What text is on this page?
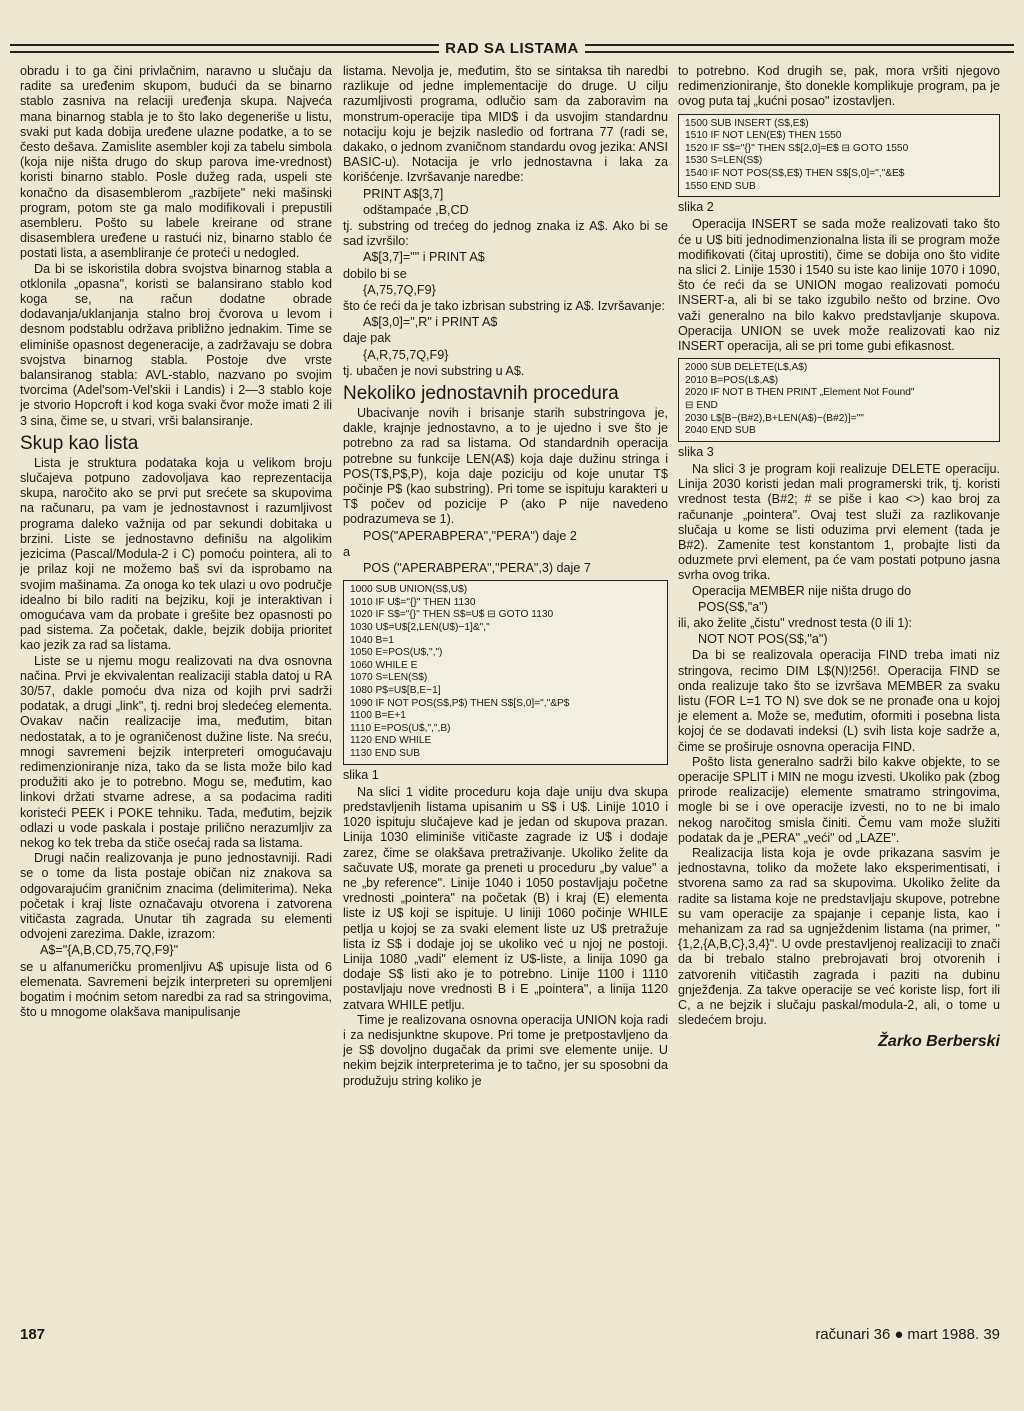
RAD SA LISTAMA

obradu i to ga čini privlačnim, naravno u slučaju da radite sa uređenim skupom, budući da se binarno stablo zasniva na relaciji uređenja skupa. Najveća mana binarnog stabla je to što lako degeneriše u listu, svaki put kada dobija uređene ulazne podatke, a to se često dešava. Zamislite asembler koji za tabelu simbola (koja nije ništa drugo do skup parova ime-vrednost) koristi binarno stablo. Posle dužeg rada, uspeli ste konačno da disasemblerom „razbijete" neki mašinski program, potom ste ga malo modifikovali i prepustili asembleru. Pošto su labele kreirane od strane disasemblera uređene u rastući niz, binarno stablo će postati lista, a asembliranje će proteći u nedogled.

Da bi se iskoristila dobra svojstva binarnog stabla a otklonila „opasna", koristi se balansirano stablo kod koga se, na račun dodatne obrade dodavanja/uklanjanja stalno broj čvorova u levom i desnom podstablu održava približno jednakim. Time se eliminiše opasnost degeneracije, a zadržavaju se dobra svojstva binarnog stabla. Postoje dve vrste balansiranog stabla: AVL-stablo, nazvano po svojim tvorcima (Adel'som-Vel'skii i Landis) i 2—3 stablo koje je stvorio Hopcroft i kod koga svaki čvor može imati 2 ili 3 sina, čime se, u stvari, vrši balansiranje.

Skup kao lista

Lista je struktura podataka koja u velikom broju slučajeva potpuno zadovoljava kao reprezentacija skupa, naročito ako se prvi put srećete sa skupovima na računaru, pa vam je jednostavnost i razumljivost programa daleko važnija od par sekundi dobitaka u brzini. Liste se jednostavno definišu na algolikim jezicima (Pascal/Modula-2 i C) pomoću pointera, ali to je prilaz koji ne možemo baš svi da isprobamo na svojim mašinama. Za onoga ko tek ulazi u ovo područje idealno bi bilo raditi na bejziku, koji je interaktivan i omogućava vam da probate i grešite bez opasnosti po pad sistema. Za početak, dakle, bejzik dobija prioritet kao jezik za rad sa listama.

Liste se u njemu mogu realizovati na dva osnovna načina. Prvi je ekvivalentan realizaciji stabla datoj u RA 30/57, dakle pomoću dva niza od kojih prvi sadrži podatak, a drugi „link", tj. redni broj sledećeg elementa. Ovakav način realizacije ima, međutim, bitan nedostatak, a to je ograničenost dužine liste. Na sreću, mnogi savremeni bejzik interpreteri omogućavaju redimenzioniranje niza, tako da se lista može bilo kad produžiti ako je to potrebno. Mogu se, međutim, kao linkovi držati stvarne adrese, a sa podacima raditi koristeći PEEK i POKE tehniku. Tada, međutim, bejzik odlazi u vode paskala i postaje prilično nerazumljiv za nekog ko tek treba da stiče osećaj rada sa listama.

Drugi način realizovanja je puno jednostavniji. Radi se o tome da lista postaje običan niz znakova sa odgovarajućim graničnim znacima (delimiterima). Neka početak i kraj liste označavaju otvorena i zatvorena vitičasta zagrada. Unutar tih zagrada su elementi odvojeni zarezima. Dakle, izrazom:

A$="{A,B,CD,75,7Q,F9}"

se u alfanumeričku promenljivu A$ upisuje lista od 6 elemenata. Savremeni bejzik interpreteri su opremljeni bogatim i moćnim setom naredbi za rad sa stringovima, što u mnogome olakšava manipulisanje

listama. Nevolja je, međutim, što se sintaksa tih naredbi razlikuje od jedne implementacije do druge. U cilju razumljivosti programa, odlučio sam da zaboravim na monstrum-operacije tipa MID$ i da usvojim standardnu notaciju koju je bejzik nasledio od fortrana 77 (radi se, dakako, o jednom zvaničnom standardu ovog jezika: ANSI BASIC-u). Notacija je vrlo jednostavna i laka za korišćenje. Izvršavanje naredbe:

PRINT A$[3,7]
odštampaće ,B,CD

tj. substring od trećeg do jednog znaka iz A$. Ako bi se sad izvršilo:

A$[3,7]="" i PRINT A$

dobilo bi se

{A,75,7Q,F9}

što će reći da je tako izbrisan substring iz A$. Izvršavanje:

A$[3,0]=",R" i PRINT A$

daje pak

{A,R,75,7Q,F9}

tj. ubačen je novi substring u A$.

Nekoliko jednostavnih procedura

Ubacivanje novih i brisanje starih substringova je, dakle, krajnje jednostavno, a to je ujedno i sve što je potrebno za rad sa listama. Od standardnih operacija potrebne su funkcije LEN(A$) koja daje dužinu stringa i POS(T$,P$,P), koja daje poziciju od koje unutar T$ počinje P$ (kao substring). Pri tome se ispituju karakteri u T$ počev od pozicije P (ako P nije navedeno podrazumeva se 1).

POS("APERABPERA","PERA") daje 2

a

POS ("APERABPERA","PERA",3) daje 7
1000 SUB UNION(S$,U$)
1010 IF U$="{}" THEN 1130
1020 IF S$="{}" THEN S$=U$ ⊟ GOTO 1130
1030 U$=U$[2,LEN(U$)−1]&","
1040 B=1
1050 E=POS(U$,",")
1060 WHILE E
1070 S=LEN(S$)
1080 P$=U$[B,E−1]
1090 IF NOT POS(S$,P$) THEN S$[S,0]=","&P$
1100 B=E+1
1110 E=POS(U$,",",B)
1120 END WHILE
1130 END SUB
slika 1

Na slici 1 vidite proceduru koja daje uniju dva skupa predstavljenih listama upisanim u S$ i U$. Linije 1010 i 1020 ispituju slučajeve kad je jedan od skupova prazan. Linija 1030 eliminiše vitičaste zagrade iz U$ i dodaje zarez, čime se olakšava pretraživanje. Ukoliko želite da sačuvate U$, morate ga preneti u proceduru „by value" a ne „by reference". Linije 1040 i 1050 postavljaju početne vrednosti „pointera" na početak (B) i kraj (E) elementa liste iz U$ koji se ispituje. U liniji 1060 počinje WHILE petlja u kojoj se za svaki element liste uz U$ pretražuje lista iz S$ i dodaje joj se ukoliko već u njoj ne postoji. Linija 1080 „vadi" element iz U$-liste, a linija 1090 ga dodaje S$ listi ako je to potrebno. Linije 1100 i 1110 postavljaju nove vrednosti B i E „pointera", a linija 1120 zatvara WHILE petlju.

Time je realizovana osnovna operacija UNION koja radi i za nedisjunktne skupove. Pri tome je pretpostavljeno da je S$ dovoljno dugačak da primi sve elemente unije. U nekim bejzik interpreterima je to tačno, jer su sposobni da produžuju string koliko je

to potrebno. Kod drugih se, pak, mora vršiti njegovo redimenzioniranje, što donekle komplikuje program, pa je ovog puta taj „kućni posao" izostavljen.

1500 SUB INSERT (S$,E$)
1510 IF NOT LEN(E$) THEN 1550
1520 IF S$="{}" THEN S$[2,0]=E$ ⊟ GOTO 1550
1530 S=LEN(S$)
1540 IF NOT POS(S$,E$) THEN S$[S,0]=","&E$
1550 END SUB
slika 2

Operacija INSERT se sada može realizovati tako što će u U$ biti jednodimenzionalna lista ili se program može modifikovati (čitaj uprostiti), čime se dobija ono što vidite na slici 2. Linije 1530 i 1540 su iste kao linije 1070 i 1090, što će reći da se UNION mogao realizovati pomoću INSERT-a, ali bi se tako izgubilo nešto od brzine. Ovo važi generalno na bilo kakvo predstavljanje skupova. Operacija UNION se uvek može realizovati kao niz INSERT operacija, ali se pri tome gubi efikasnost.

2000 SUB DELETE(L$,A$)
2010 B=POS(L$,A$)
2020 IF NOT B THEN PRINT „Element Not Found"
⊟ END
2030 L$[B−(B#2),B+LEN(A$)−(B#2)]=""
2040 END SUB
slika 3

Na slici 3 je program koji realizuje DELETE operaciju. Linija 2030 koristi jedan mali programerski trik, tj. koristi vrednost testa (B#2; # se piše i kao <>) kao broj za računanje „pointera". Ovaj test služi za razlikovanje slučaja u kome se listi oduzima prvi element (tada je B#2). Zamenite test konstantom 1, probajte listi da oduzmete prvi element, pa će vam postati potpuno jasna svrha ovog trika.

Operacija MEMBER nije ništa drugo do

POS(S$,"a")

ili, ako želite „čistu" vrednost testa (0 ili 1):

NOT NOT POS(S$,"a")

Da bi se realizovala operacija FIND treba imati niz stringova, recimo DIM L$(N)!256!. Operacija FIND se onda realizuje tako što se izvršava MEMBER za svaku listu (FOR L=1 TO N) sve dok se ne pronađe ona u kojoj je element a. Može se, međutim, oformiti i posebna lista kojoj će se dodavati indeksi (L) svih lista koje sadrže a, čime se proširuje osnovna operacija FIND.

Pošto lista generalno sadrži bilo kakve objekte, to se operacije SPLIT i MIN ne mogu izvesti. Ukoliko pak (zbog prirode realizacije) elemente smatramo stringovima, mogle bi se i ove operacije izvesti, no to ne bi imalo nekog naročitog smisla činiti. Čemu vam može služiti podatak da je „PERA" „veći" od „LAZE".

Realizacija lista koja je ovde prikazana sasvim je jednostavna, toliko da možete lako eksperimentisati, i stvorena samo za rad sa skupovima. Ukoliko želite da radite sa listama koje ne predstavljaju skupove, potrebne su vam operacije za spajanje i cepanje lista, kao i mehanizam za rad sa ugnježdenim listama (na primer, "{1,2,{A,B,C},3,4}". U ovde prestavljenoj realizaciji to znači da bi trebalo stalno prebrojavati broj otvorenih i zatvorenih vitičastih zagrada i paziti na dubinu gnježđenja. Za takve operacije se već koriste lisp, fort ili C, a ne bejzik i slučaju paskal/modula-2, ali, o tome u sledećem broju.

Žarko Berberski
187	računari 36 ● mart 1988. 39
